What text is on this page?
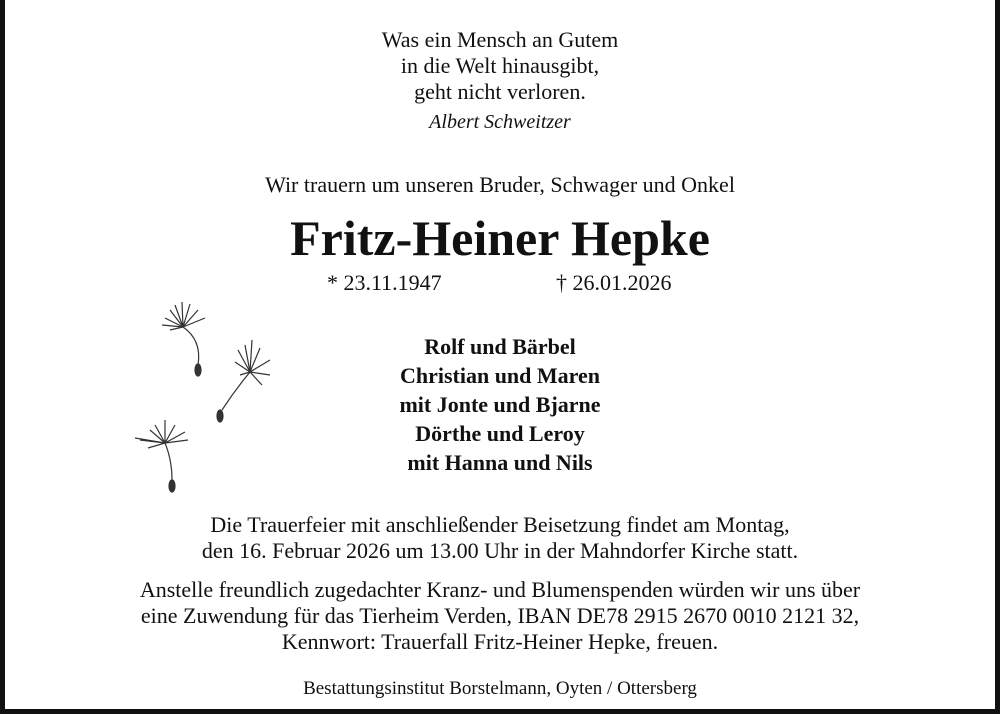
Was ein Mensch an Gutem
in die Welt hinausgibt,
geht nicht verloren.
Albert Schweitzer
Wir trauern um unseren Bruder, Schwager und Onkel
Fritz-Heiner Hepke
* 23.11.1947	† 26.01.2026
Rolf und Bärbel
Christian und Maren
mit Jonte und Bjarne
Dörthe und Leroy
mit Hanna und Nils
Die Trauerfeier mit anschließender Beisetzung findet am Montag,
den 16. Februar 2026 um 13.00 Uhr in der Mahndorfer Kirche statt.
Anstelle freundlich zugedachter Kranz- und Blumenspenden würden wir uns über
eine Zuwendung für das Tierheim Verden, IBAN DE78 2915 2670 0010 2121 32,
Kennwort: Trauerfall Fritz-Heiner Hepke, freuen.
Bestattungsinstitut Borstelmann, Oyten / Ottersberg
